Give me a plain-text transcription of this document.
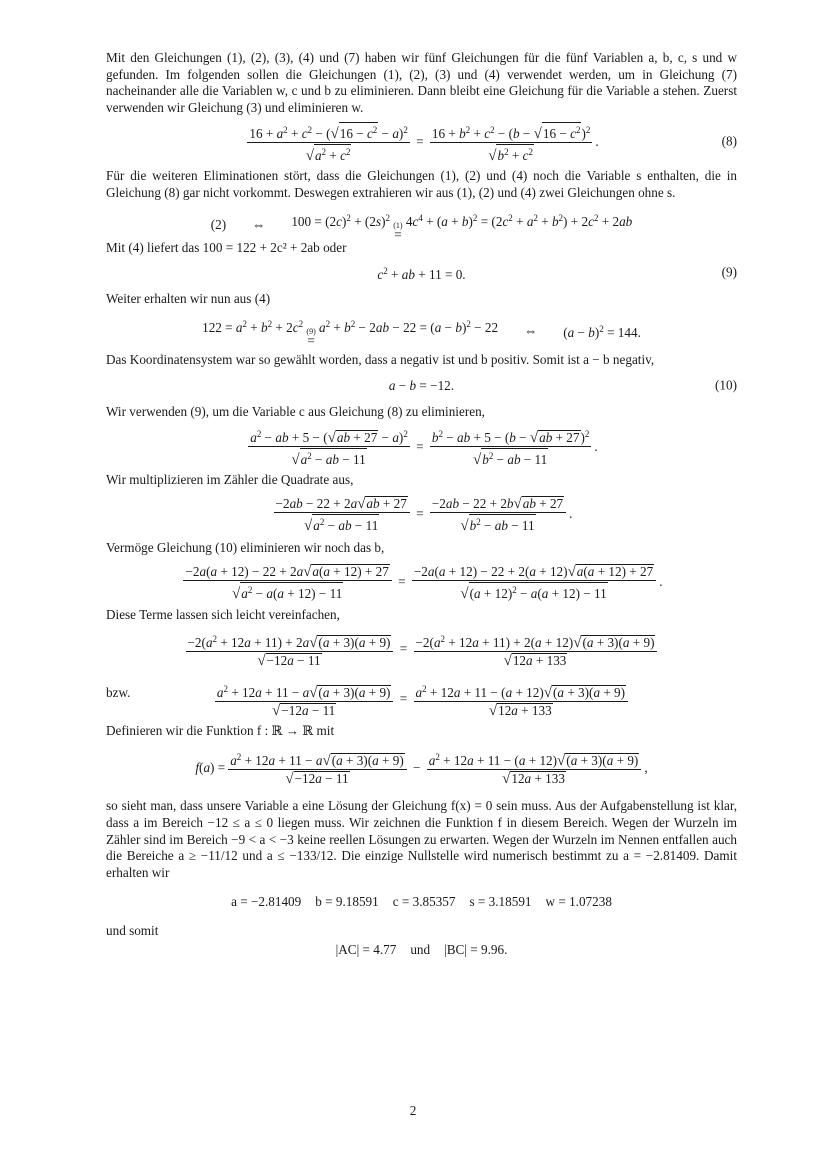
Mit den Gleichungen (1), (2), (3), (4) und (7) haben wir fünf Gleichungen für die fünf Variablen a, b, c, s und w gefunden. Im folgenden sollen die Gleichungen (1), (2), (3) und (4) verwendet werden, um in Gleichung (7) nacheinander alle die Variablen w, c und b zu eliminieren. Dann bleibt eine Gleichung für die Variable a stehen. Zuerst verwenden wir Gleichung (3) und eliminieren w.

$\frac{16 + a^2 + c^2 - ( √ 16 - c^2 - a)^2}{√ a^2 + c^2} = \frac{16 + b^2 + c^2 - (b - √ 16 - c^2 )^2}{√ b^2 + c^2}$ .	(8)

Für die weiteren Eliminationen stört, dass die Gleichungen (1), (2) und (4) noch die Variable s enthalten, die in Gleichung (8) gar nicht vorkommt. Deswegen extrahieren wir aus (1), (2) und (4) zwei Gleichungen ohne s.

(2) ⇔ $100 = (2c)^2 + (2s)^2$
(1)
=
$4c^4 + (a + b)^2 = (2c^2 + a^2 + b^2) + 2c^2 + 2ab$

Mit (4) liefert das 100 = 122 + 2c² + 2ab oder

$c^2$ + ab + 11 = 0.	(9)

Weiter erhalten wir nun aus (4)

$122 = a^2 + b^2 + 2c^2$
(9)
=
$a^2 + b^2 - 2ab - 22 = (a - b)^2 - 22$ ⇔ $(a - b)^2 = 144$.

Das Koordinatensystem war so gewählt worden, dass a negativ ist und b positiv. Somit ist a − b negativ,

a − b = −12.	(10)

Wir verwenden (9), um die Variable c aus Gleichung (8) zu eliminieren,

$\frac{a^2 - ab + 5 - ( √ ab + 27 - a)^2}{√ a^2 - ab - 11} = \frac{b^2 - ab + 5 - (b - √ ab + 27 )^2}{√ b^2 - ab - 11}$ .

Wir multiplizieren im Zähler die Quadrate aus,

$\frac{-2ab - 22 + 2a √ ab + 27}{√ a^2 - ab - 11} = \frac{-2ab - 22 + 2b √ ab + 27}{√ b^2 - ab - 11}$ .

Vermöge Gleichung (10) eliminieren wir noch das b,

$\frac{-2a(a + 12) - 22 + 2a √ a(a + 12) + 27}{√ a^2 - a(a + 12) - 11} = \frac{-2a(a + 12) - 22 + 2(a + 12) √ a(a + 12) + 27}{√ (a + 12)^2 - a(a + 12) - 11}$ .

Diese Terme lassen sich leicht vereinfachen,

$\frac{-2(a^2 + 12a + 11) + 2a √ (a + 3)(a + 9)}{√ -12a - 11} = \frac{-2(a^2 + 12a + 11) + 2(a + 12) √ (a + 3)(a + 9)}{√ 12a + 133}$
bzw.	$\frac{a^2 + 12a + 11 - a √ (a + 3)(a + 9)}{√ -12a - 11} = \frac{a^2 + 12a + 11 - (a + 12) √ (a + 3)(a + 9)}{√ 12a + 133}$

Definieren wir die Funktion f : ℝ → ℝ mit

$f(a) = \frac{a^2 + 12a + 11 - a √ (a + 3)(a + 9)}{√ -12a - 11} - \frac{a^2 + 12a + 11 - (a + 12) √ (a + 3)(a + 9)}{√ 12a + 133}$ ,

so sieht man, dass unsere Variable a eine Lösung der Gleichung f(x) = 0 sein muss. Aus der Aufgabenstellung ist klar, dass a im Bereich −12 ≤ a ≤ 0 liegen muss. Wir zeichnen die Funktion f in diesem Bereich. Wegen der Wurzeln im Zähler sind im Bereich −9 < a < −3 keine reellen Lösungen zu erwarten. Wegen der Wurzeln im Nennen entfallen auch die Bereiche a ≥ −11/12 und a ≤ −133/12. Die einzige Nullstelle wird numerisch bestimmt zu a = −2.81409. Damit erhalten wir

a = −2.81409 b = 9.18591 c = 3.85357 s = 3.18591 w = 1.07238

und somit

|AC| = 4.77 und |BC| = 9.96.
2
